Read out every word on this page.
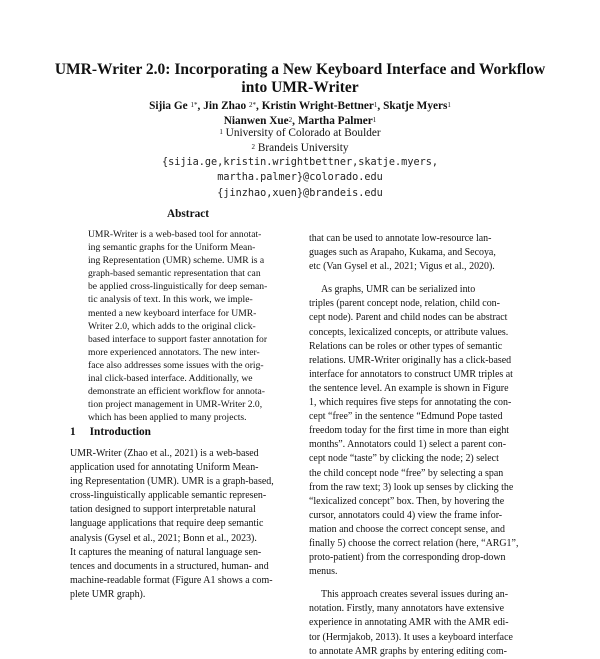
UMR-Writer 2.0: Incorporating a New Keyboard Interface and Workflow
into UMR-Writer
Sijia Ge $^{1*}$, Jin Zhao $^{2*}$, Kristin Wright-Bettner$^1$, Skatje Myers$^1$
Nianwen Xue$^2$, Martha Palmer$^1$
$^1$ University of Colorado at Boulder
$^2$ Brandeis University
{sijia.ge,kristin.wrightbettner,skatje.myers,
martha.palmer}@colorado.edu
{jinzhao,xuen}@brandeis.edu
Abstract
UMR-Writer is a web-based tool for annotat-
ing semantic graphs for the Uniform Mean-
ing Representation (UMR) scheme. UMR is a
graph-based semantic representation that can
be applied cross-linguistically for deep seman-
tic analysis of text. In this work, we imple-
mented a new keyboard interface for UMR-
Writer 2.0, which adds to the original click-
based interface to support faster annotation for
more experienced annotators. The new inter-
face also addresses some issues with the orig-
inal click-based interface. Additionally, we
demonstrate an efficient workflow for annota-
tion project management in UMR-Writer 2.0,
which has been applied to many projects.
1 Introduction
UMR-Writer (Zhao et al., 2021) is a web-based
application used for annotating Uniform Mean-
ing Representation (UMR). UMR is a graph-based,
cross-linguistically applicable semantic represen-
tation designed to support interpretable natural
language applications that require deep semantic
analysis (Gysel et al., 2021; Bonn et al., 2023).
It captures the meaning of natural language sen-
tences and documents in a structured, human- and
machine-readable format (Figure A1 shows a com-
plete UMR graph).
that can be used to annotate low-resource lan-
guages such as Arapaho, Kukama, and Secoya,
etc (Van Gysel et al., 2021; Vigus et al., 2020).
As graphs, UMR can be serialized into
triples (parent concept node, relation, child con-
cept node). Parent and child nodes can be abstract
concepts, lexicalized concepts, or attribute values.
Relations can be roles or other types of semantic
relations. UMR-Writer originally has a click-based
interface for annotators to construct UMR triples at
the sentence level. An example is shown in Figure
1, which requires five steps for annotating the con-
cept “free” in the sentence “Edmund Pope tasted
freedom today for the first time in more than eight
months”. Annotators could 1) select a parent con-
cept node “taste” by clicking the node; 2) select
the child concept node “free” by selecting a span
from the raw text; 3) look up senses by clicking the
“lexicalized concept” box. Then, by hovering the
cursor, annotators could 4) view the frame infor-
mation and choose the correct concept sense, and
finally 5) choose the correct relation (here, “ARG1”,
proto-patient) from the corresponding drop-down
menus.
This approach creates several issues during an-
notation. Firstly, many annotators have extensive
experience in annotating AMR with the AMR edi-
tor (Hermjakob, 2013). It uses a keyboard interface
to annotate AMR graphs by entering editing com-
